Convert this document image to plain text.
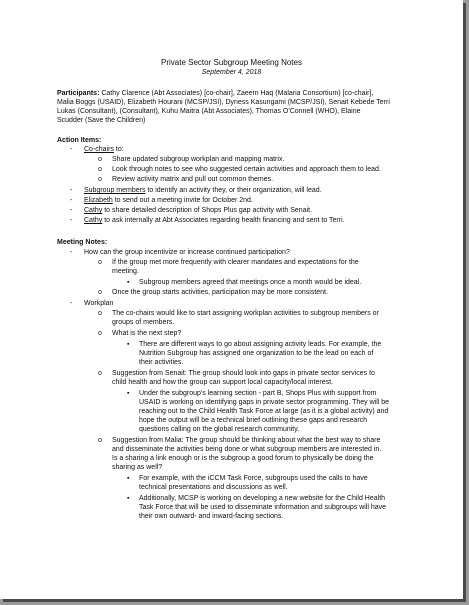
Private Sector Subgroup Meeting Notes
September 4, 2018
Participants: Cathy Clarence (Abt Associates) [co-chair], Zaeem Haq (Malaria Consortium) [co-chair],
Malia Boggs (USAID), Elizabeth Hourani (MCSP/JSI), Dyness Kasungami (MCSP/JSI), Senait Kebede Terri
Lukas (Consultant), (Consultant), Kuhu Maitra (Abt Associates), Thomas O'Connell (WHO), Elaine
Scudder (Save the Children)
Action Items:
- Co-chairs to:
o Share updated subgroup workplan and mapping matrix.
o Look through notes to see who suggested certain activities and approach them to lead.
o Review activity matrix and pull out common themes.
- Subgroup members to identify an activity they, or their organization, will lead.
- Elizabeth to send out a meeting invite for October 2nd.
- Cathy to share detailed description of Shops Plus gap activity with Senait.
- Cathy to ask internally at Abt Associates regarding health financing and sent to Terri.
Meeting Notes:
- How can the group incentivize or increase continued participation?
o If the group met more frequently with clearer mandates and expectations for the
meeting.
▪ Subgroup members agreed that meetings once a month would be ideal.
o Once the group starts activities, participation may be more consistent.
- Workplan
o The co-chairs would like to start assigning workplan activities to subgroup members or
groups of members.
o What is the next step?
▪ There are different ways to go about assigning activity leads. For example, the
Nutrition Subgroup has assigned one organization to be the lead on each of
their activities.
o Suggestion from Senait: The group should look into gaps in private sector services to
child health and how the group can support local capacity/local interest.
▪ Under the subgroup's learning section - part B, Shops Plus with support from
USAID is working on identifying gaps in private sector programming. They will be
reaching out to the Child Health Task Force at large (as it is a global activity) and
hope the output will be a technical brief outlining these gaps and research
questions calling on the global research community.
o Suggestion from Malia: The group should be thinking about what the best way to share
and disseminate the activities being done or what subgroup members are interested in.
Is a sharing a link enough or is the subgroup a good forum to physically be doing the
sharing as well?
▪ For example, with the iCCM Task Force, subgroups used the calls to have
technical presentations and discussions as well.
▪ Additionally, MCSP is working on developing a new website for the Child Health
Task Force that will be used to disseminate information and subgroups will have
their own outward- and inward-facing sections.
